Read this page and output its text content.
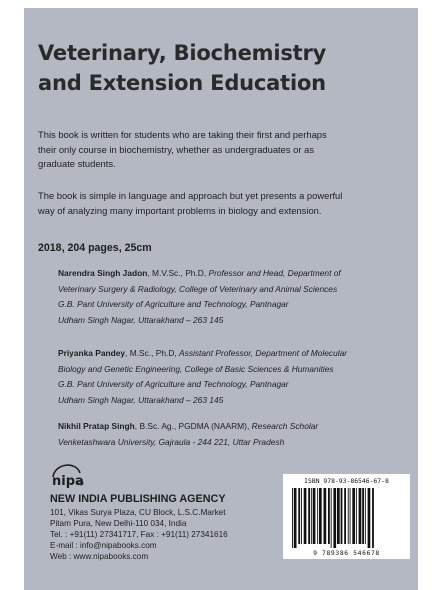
Veterinary, Biochemistry
and Extension Education

This book is written for students who are taking their first and perhaps
their only course in biochemistry, whether as undergraduates or as
graduate students.

The book is simple in language and approach but yet presents a powerful
way of analyzing many important problems in biology and extension.

2018, 204 pages, 25cm
Narendra Singh Jadon, M.V.Sc., Ph.D, Professor and Head, Department of
Veterinary Surgery & Radiology, College of Veterinary and Animal Sciences
G.B. Pant University of Agriculture and Technology, Pantnagar
Udham Singh Nagar, Uttarakhand – 263 145
Priyanka Pandey, M.Sc., Ph.D, Assistant Professor, Department of Molecular
Biology and Genetic Engineering, College of Basic Sciences & Humanities
G.B. Pant University of Agriculture and Technology, Pantnagar
Udham Singh Nagar, Uttarakhand – 263 145
Nikhil Pratap Singh, B.Sc. Ag., PGDMA (NAARM), Research Scholar
Venketashwara University, Gajraula - 244 221, Uttar Pradesh
nipa
NEW INDIA PUBLISHING AGENCY
101, Vikas Surya Plaza, CU Block, L.S.C.Market
Pitam Pura, New Delhi-110 034, India
Tel. : +91(11) 27341717, Fax : +91(11) 27341616
E-mail : info@nipabooks.com
Web : www.nipabooks.com
ISBN 978-93-86546-67-8
9 789386 546678
